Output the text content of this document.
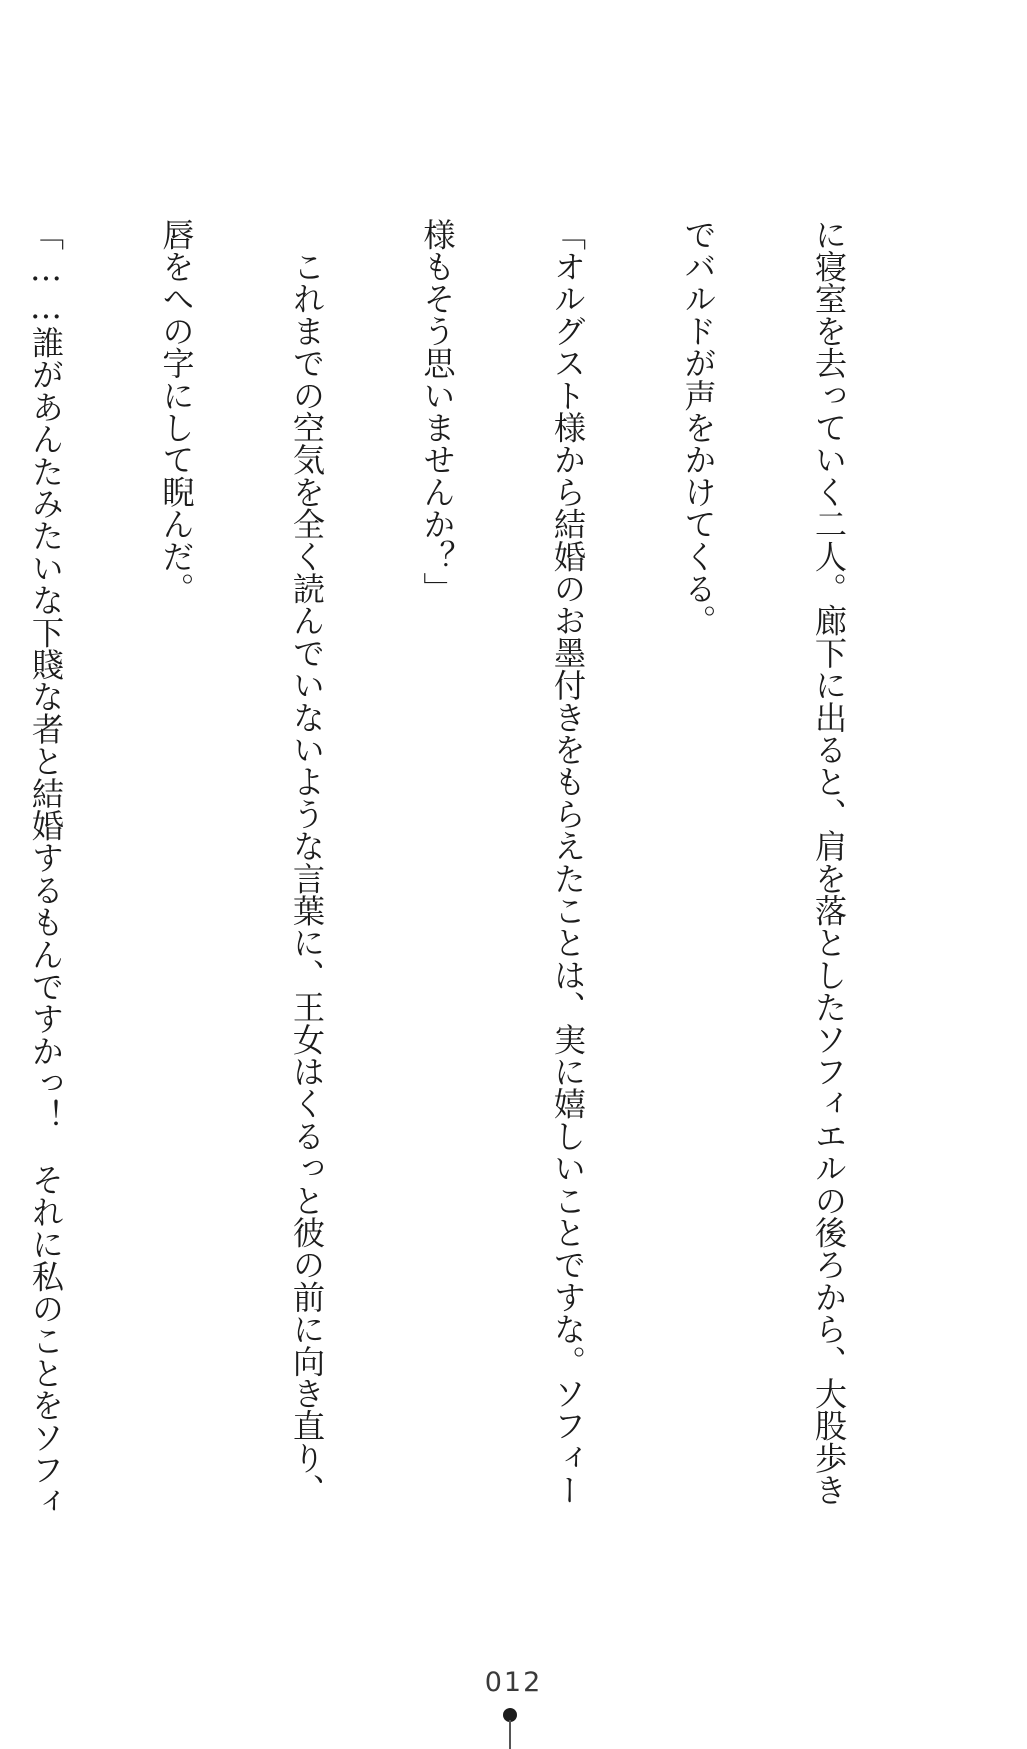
に寝室を去っていく二人。廊下に出ると、肩を落としたソフィエルの後ろから、大股歩き

でバルドが声をかけてくる。

「オルグスト様から結婚のお墨付きをもらえたことは、実に嬉しいことですな。ソフィー

様もそう思いませんか？」

　これまでの空気を全く読んでいないような言葉に、王女はくるっと彼の前に向き直り、

唇をへの字にして睨んだ。

「……誰があんたみたいな下賤な者と結婚するもんですかっ！　それに私のことをソフィ

012
